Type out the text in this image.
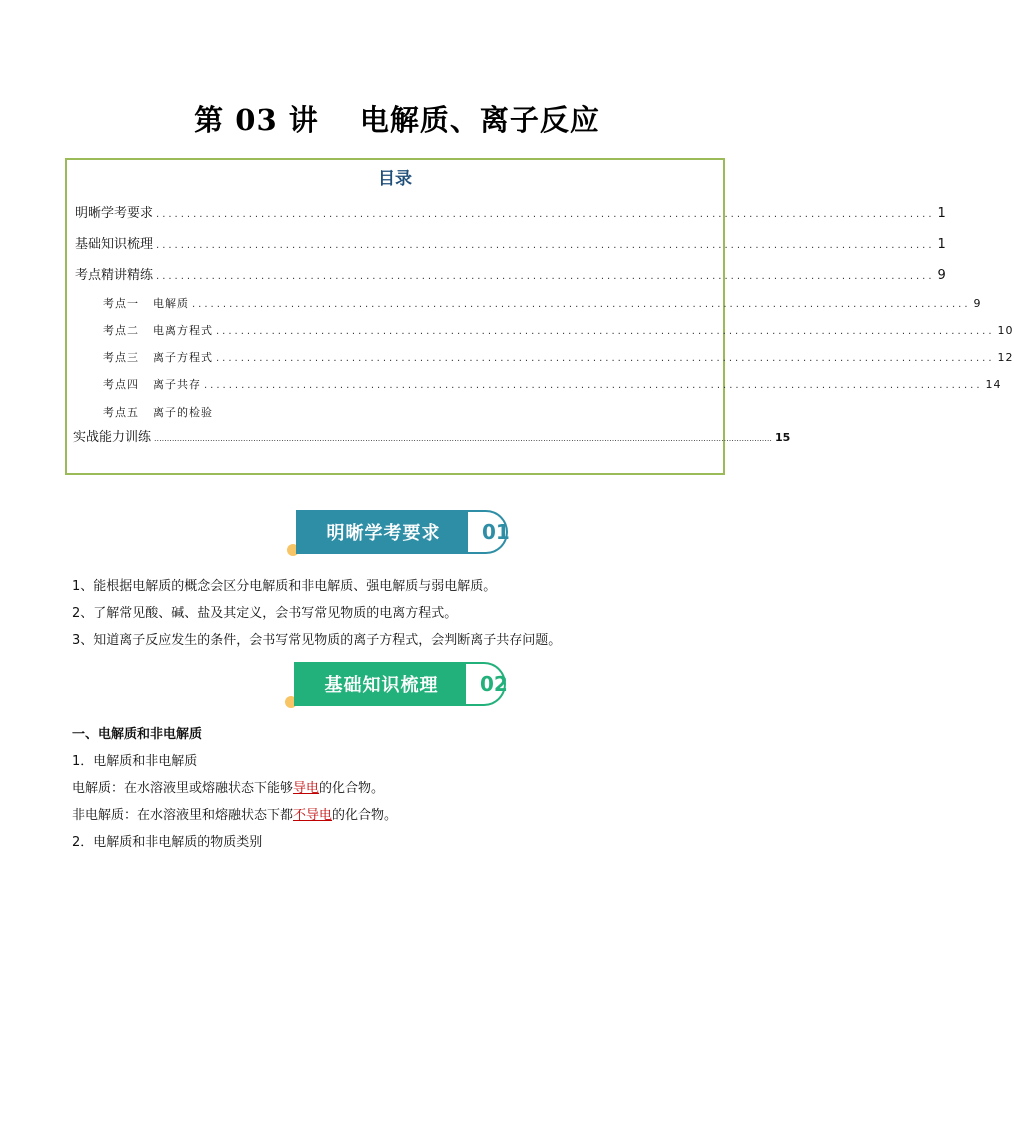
第 03 讲　 电解质、离子反应
目录
明晰学考要求 .............................................................................................................................. 1
基础知识梳理 .............................................................................................................................. 1
考点精讲精练 .............................................................................................................................. 9
考点一 电解质 .............................................................................................................................. 9
考点二 电离方程式 .............................................................................................................................. 10
考点三 离子方程式 .............................................................................................................................. 12
考点四 离子共存 .............................................................................................................................. 14
考点五 离子的检验
实战能力训练 ................................................................................................................................................................................................................................................... 15
明晰学考要求	01
1、能根据电解质的概念会区分电解质和非电解质、强电解质与弱电解质。
2、了解常见酸、碱、盐及其定义，会书写常见物质的电离方程式。
3、知道离子反应发生的条件，会书写常见物质的离子方程式，会判断离子共存问题。
基础知识梳理	02
一、电解质和非电解质
1．电解质和非电解质
电解质：在水溶液里或熔融状态下能够导电的化合物。
非电解质：在水溶液里和熔融状态下都不导电的化合物。
2．电解质和非电解质的物质类别
